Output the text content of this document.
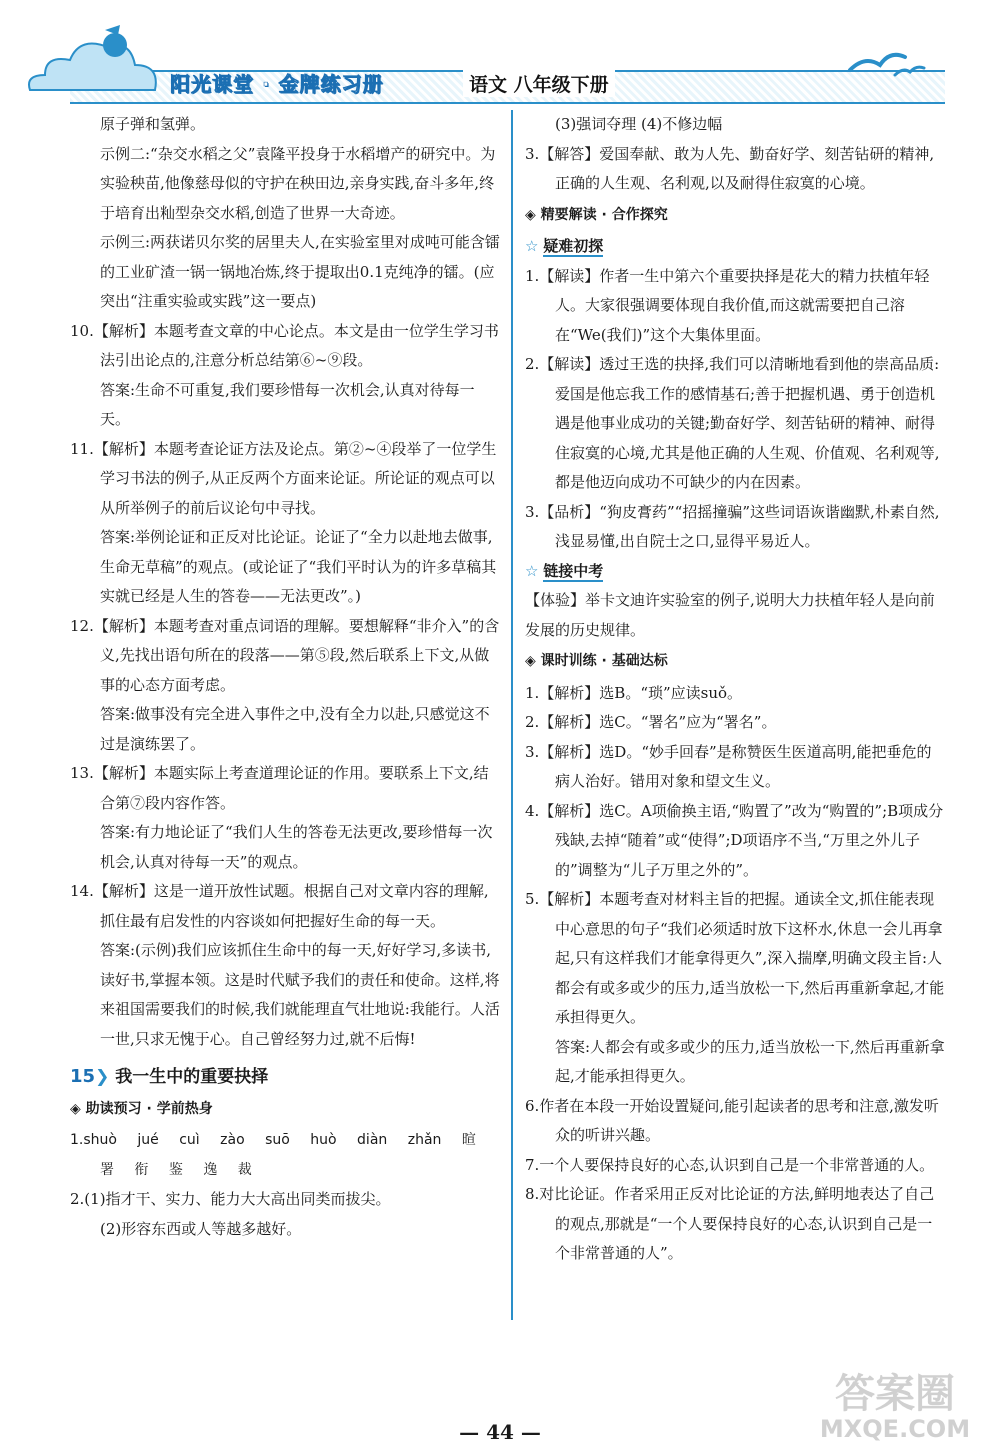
阳光课堂 · 金牌练习册	语文 八年级下册

原子弹和氢弹。

示例二:“杂交水稻之父”袁隆平投身于水稻增产的研究中。为实验秧苗,他像慈母似的守护在秧田边,亲身实践,奋斗多年,终于培育出籼型杂交水稻,创造了世界一大奇迹。

示例三:两获诺贝尔奖的居里夫人,在实验室里对成吨可能含镭的工业矿渣一锅一锅地冶炼,终于提取出0.1克纯净的镭。(应突出“注重实验或实践”这一要点)

10.【解析】本题考查文章的中心论点。本文是由一位学生学习书法引出论点的,注意分析总结第⑥~⑨段。

答案:生命不可重复,我们要珍惜每一次机会,认真对待每一天。

11.【解析】本题考查论证方法及论点。第②~④段举了一位学生学习书法的例子,从正反两个方面来论证。所论证的观点可以从所举例子的前后议论句中寻找。

答案:举例论证和正反对比论证。论证了“全力以赴地去做事,生命无草稿”的观点。(或论证了“我们平时认为的许多草稿其实就已经是人生的答卷——无法更改”。)

12.【解析】本题考查对重点词语的理解。要想解释“非介入”的含义,先找出语句所在的段落——第⑤段,然后联系上下文,从做事的心态方面考虑。

答案:做事没有完全进入事件之中,没有全力以赴,只感觉这不过是演练罢了。

13.【解析】本题实际上考查道理论证的作用。要联系上下文,结合第⑦段内容作答。

答案:有力地论证了“我们人生的答卷无法更改,要珍惜每一次机会,认真对待每一天”的观点。

14.【解析】这是一道开放性试题。根据自己对文章内容的理解,抓住最有启发性的内容谈如何把握好生命的每一天。

答案:(示例)我们应该抓住生命中的每一天,好好学习,多读书,读好书,掌握本领。这是时代赋予我们的责任和使命。这样,将来祖国需要我们的时候,我们就能理直气壮地说:我能行。人活一世,只求无愧于心。自己曾经努力过,就不后悔!

15❯ 我一生中的重要抉择
◈ 助读预习 · 学前热身

1.shuò jué cuì zào suō huò diàn zhǎn 暄

署 衔 鉴 逸 裁

2.(1)指才干、实力、能力大大高出同类而拔尖。

(2)形容东西或人等越多越好。

(3)强词夺理 (4)不修边幅

3.【解答】爱国奉献、敢为人先、勤奋好学、刻苦钻研的精神,正确的人生观、名利观,以及耐得住寂寞的心境。

◈ 精要解读 · 合作探究
☆ 疑难初探

1.【解读】作者一生中第六个重要抉择是花大的精力扶植年轻人。大家很强调要体现自我价值,而这就需要把自己溶在“We(我们)”这个大集体里面。

2.【解读】透过王选的抉择,我们可以清晰地看到他的崇高品质:爱国是他忘我工作的感情基石;善于把握机遇、勇于创造机遇是他事业成功的关键;勤奋好学、刻苦钻研的精神、耐得住寂寞的心境,尤其是他正确的人生观、价值观、名利观等,都是他迈向成功不可缺少的内在因素。

3.【品析】“狗皮膏药”“招摇撞骗”这些词语诙谐幽默,朴素自然,浅显易懂,出自院士之口,显得平易近人。

☆ 链接中考

【体验】举卡文迪许实验室的例子,说明大力扶植年轻人是向前发展的历史规律。

◈ 课时训练 · 基础达标

1.【解析】选B。“琐”应读suǒ。

2.【解析】选C。“署名”应为“署名”。

3.【解析】选D。“妙手回春”是称赞医生医道高明,能把垂危的病人治好。错用对象和望文生义。

4.【解析】选C。A项偷换主语,“购置了”改为“购置的”;B项成分残缺,去掉“随着”或“使得”;D项语序不当,“万里之外儿子的”调整为“儿子万里之外的”。

5.【解析】本题考查对材料主旨的把握。通读全文,抓住能表现中心意思的句子“我们必须适时放下这杯水,休息一会儿再拿起,只有这样我们才能拿得更久”,深入揣摩,明确文段主旨:人都会有或多或少的压力,适当放松一下,然后再重新拿起,才能承担得更久。

答案:人都会有或多或少的压力,适当放松一下,然后再重新拿起,才能承担得更久。

6.作者在本段一开始设置疑问,能引起读者的思考和注意,激发听众的听讲兴趣。

7.一个人要保持良好的心态,认识到自己是一个非常普通的人。

8.对比论证。作者采用正反对比论证的方法,鲜明地表达了自己的观点,那就是“一个人要保持良好的心态,认识到自己是一个非常普通的人”。

— 44 —
答案圈
MXQE.COM
